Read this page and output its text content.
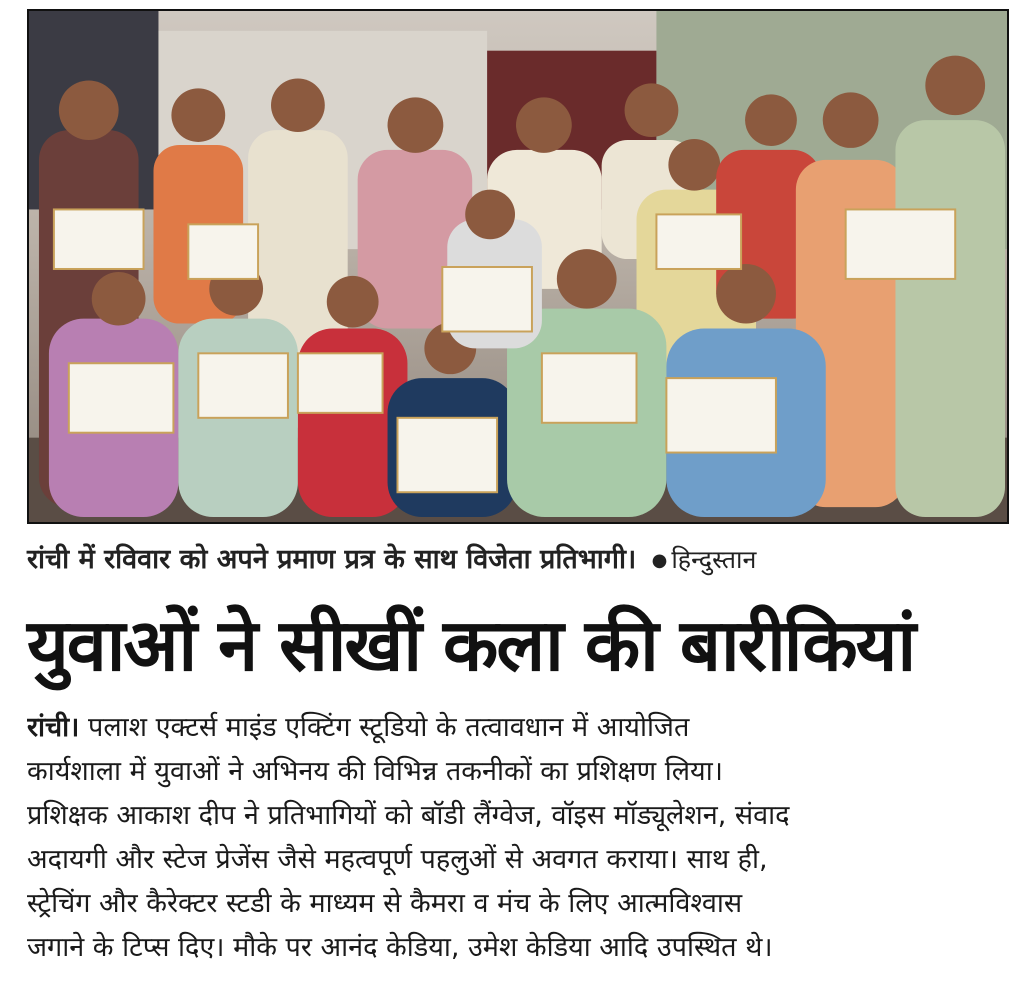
रांची में रविवार को अपने प्रमाण प्रत्र के साथ विजेता प्रतिभागी। ● हिन्दुस्तान
युवाओं ने सीखीं कला की बारीकियां
रांची। पलाश एक्टर्स माइंड एक्टिंग स्टूडियो के तत्वावधान में आयोजित
कार्यशाला में युवाओं ने अभिनय की विभिन्न तकनीकों का प्रशिक्षण लिया।
प्रशिक्षक आकाश दीप ने प्रतिभागियों को बॉडी लैंग्वेज, वॉइस मॉड्यूलेशन, संवाद
अदायगी और स्टेज प्रेजेंस जैसे महत्वपूर्ण पहलुओं से अवगत कराया। साथ ही,
स्ट्रेचिंग और कैरेक्टर स्टडी के माध्यम से कैमरा व मंच के लिए आत्मविश्वास
जगाने के टिप्स दिए। मौके पर आनंद केडिया, उमेश केडिया आदि उपस्थित थे।
